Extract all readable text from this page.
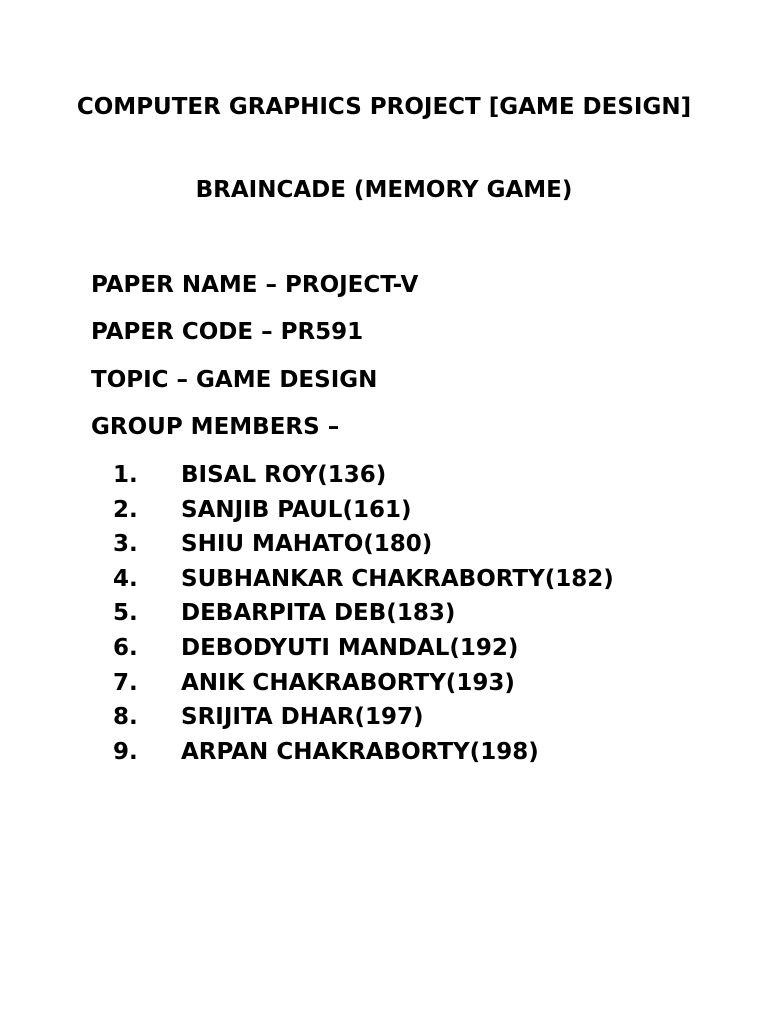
COMPUTER GRAPHICS PROJECT [GAME DESIGN]

BRAINCADE (MEMORY GAME)

PAPER NAME – PROJECT-V

PAPER CODE – PR591

TOPIC – GAME DESIGN

GROUP MEMBERS –

1. BISAL ROY(136)
2. SANJIB PAUL(161)
3. SHIU MAHATO(180)
4. SUBHANKAR CHAKRABORTY(182)
5. DEBARPITA DEB(183)
6. DEBODYUTI MANDAL(192)
7. ANIK CHAKRABORTY(193)
8. SRIJITA DHAR(197)
9. ARPAN CHAKRABORTY(198)
